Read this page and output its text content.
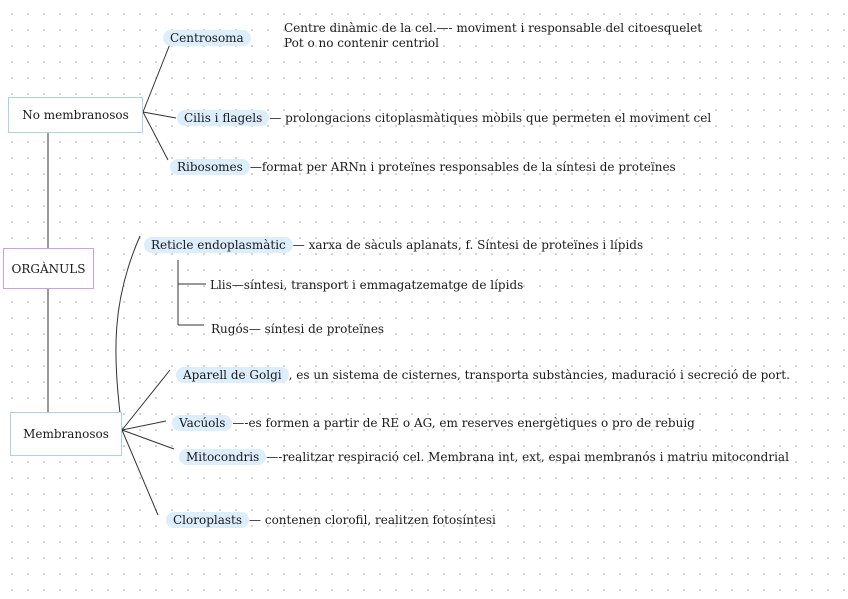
No membranosos
ORGÀNULS
Membranosos
Centrosoma
Centre dinàmic de la cel.—- moviment i responsable del citoesquelet
Pot o no contenir centriol
Cilis i flagels — prolongacions citoplasmàtiques mòbils que permeten el moviment cel
Ribosomes —format per ARNn i proteïnes responsables de la síntesi de proteïnes
Reticle endoplasmàtic — xarxa de sàculs aplanats, f. Síntesi de proteïnes i lípids
Llis—síntesi, transport i emmagatzematge de lípids
Rugós— síntesi de proteïnes
Aparell de Golgi , es un sistema de cisternes, transporta substàncies, maduració i secreció de port.
Vacúols —-es formen a partir de RE o AG, em reserves energètiques o pro de rebuig
Mitocondris —-realitzar respiració cel. Membrana int, ext, espai membranós i matriu mitocondrial
Cloroplasts — contenen clorofil, realitzen fotosíntesi
